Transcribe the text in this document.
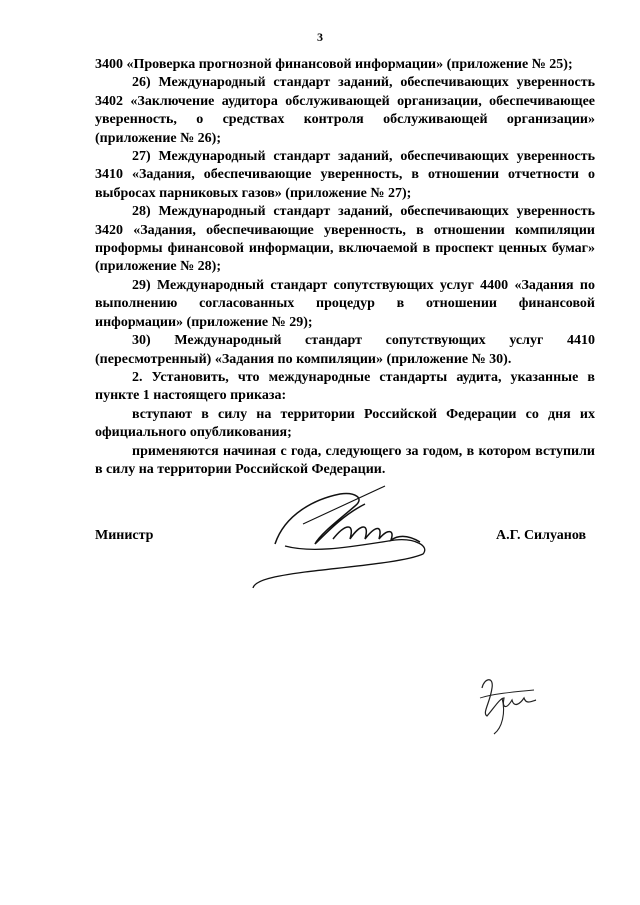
3

3400 «Проверка прогнозной финансовой информации» (приложение № 25);

26) Международный стандарт заданий, обеспечивающих уверенность 3402 «Заключение аудитора обслуживающей организации, обеспечивающее уверенность, о средствах контроля обслуживающей организации» (приложение № 26);

27) Международный стандарт заданий, обеспечивающих уверенность 3410 «Задания, обеспечивающие уверенность, в отношении отчетности о выбросах парниковых газов» (приложение № 27);

28) Международный стандарт заданий, обеспечивающих уверенность 3420 «Задания, обеспечивающие уверенность, в отношении компиляции проформы финансовой информации, включаемой в проспект ценных бумаг» (приложение № 28);

29) Международный стандарт сопутствующих услуг 4400 «Задания по выполнению согласованных процедур в отношении финансовой информации» (приложение № 29);

30) Международный стандарт сопутствующих услуг 4410 (пересмотренный) «Задания по компиляции» (приложение № 30).

2. Установить, что международные стандарты аудита, указанные в пункте 1 настоящего приказа:

вступают в силу на территории Российской Федерации со дня их официального опубликования;

применяются начиная с года, следующего за годом, в котором вступили в силу на территории Российской Федерации.

Министр	А.Г. Силуанов
